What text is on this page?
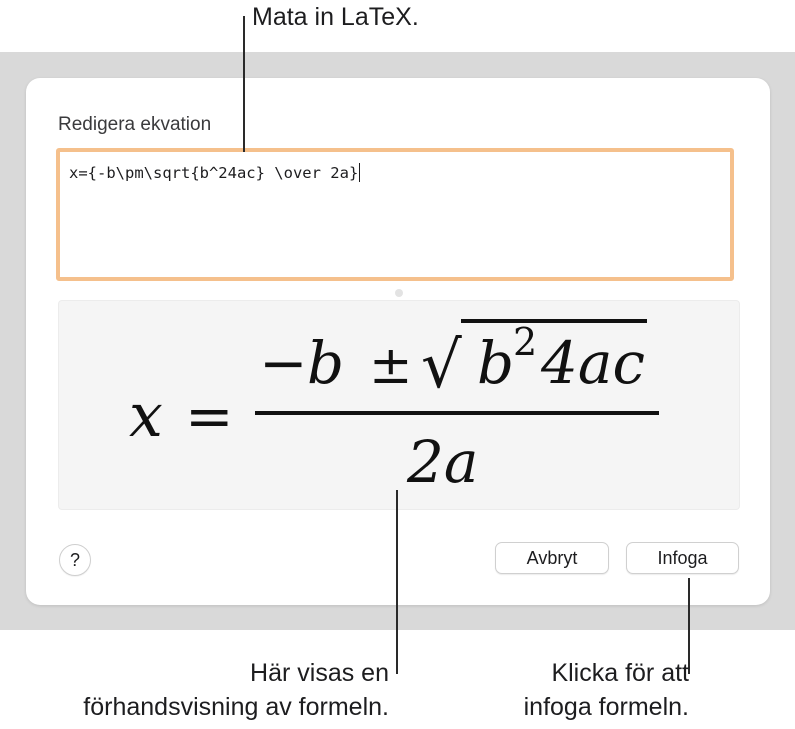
Redigera ekvation
x={-b\pm\sqrt{b^24ac} \over 2a}
x =
− b ± √ b
2 4ac
2a
?	Avbryt	Infoga
Mata in LaTeX.
Här visas en
förhandsvisning av formeln.
Klicka för att
infoga formeln.
